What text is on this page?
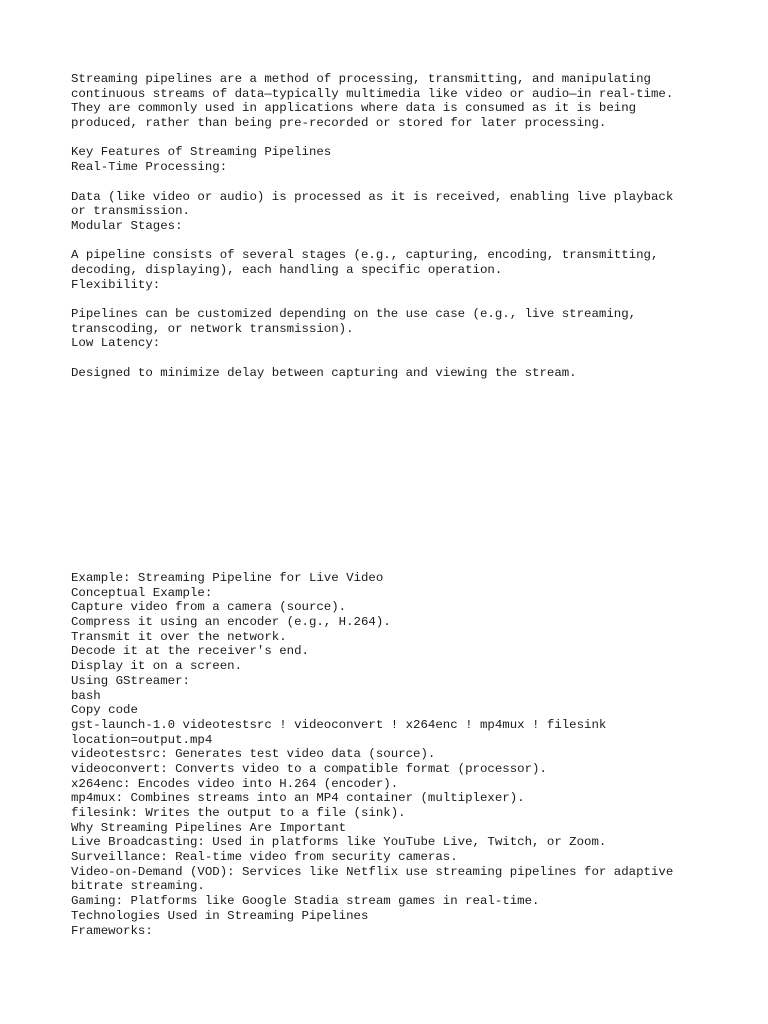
Streaming pipelines are a method of processing, transmitting, and manipulating
continuous streams of data—typically multimedia like video or audio—in real-time.
They are commonly used in applications where data is consumed as it is being
produced, rather than being pre-recorded or stored for later processing.
Key Features of Streaming Pipelines
Real-Time Processing:
Data (like video or audio) is processed as it is received, enabling live playback
or transmission.
Modular Stages:
A pipeline consists of several stages (e.g., capturing, encoding, transmitting,
decoding, displaying), each handling a specific operation.
Flexibility:
Pipelines can be customized depending on the use case (e.g., live streaming,
transcoding, or network transmission).
Low Latency:
Designed to minimize delay between capturing and viewing the stream.
Example: Streaming Pipeline for Live Video
Conceptual Example:
Capture video from a camera (source).
Compress it using an encoder (e.g., H.264).
Transmit it over the network.
Decode it at the receiver's end.
Display it on a screen.
Using GStreamer:
bash
Copy code
gst-launch-1.0 videotestsrc ! videoconvert ! x264enc ! mp4mux ! filesink
location=output.mp4
videotestsrc: Generates test video data (source).
videoconvert: Converts video to a compatible format (processor).
x264enc: Encodes video into H.264 (encoder).
mp4mux: Combines streams into an MP4 container (multiplexer).
filesink: Writes the output to a file (sink).
Why Streaming Pipelines Are Important
Live Broadcasting: Used in platforms like YouTube Live, Twitch, or Zoom.
Surveillance: Real-time video from security cameras.
Video-on-Demand (VOD): Services like Netflix use streaming pipelines for adaptive
bitrate streaming.
Gaming: Platforms like Google Stadia stream games in real-time.
Technologies Used in Streaming Pipelines
Frameworks:
